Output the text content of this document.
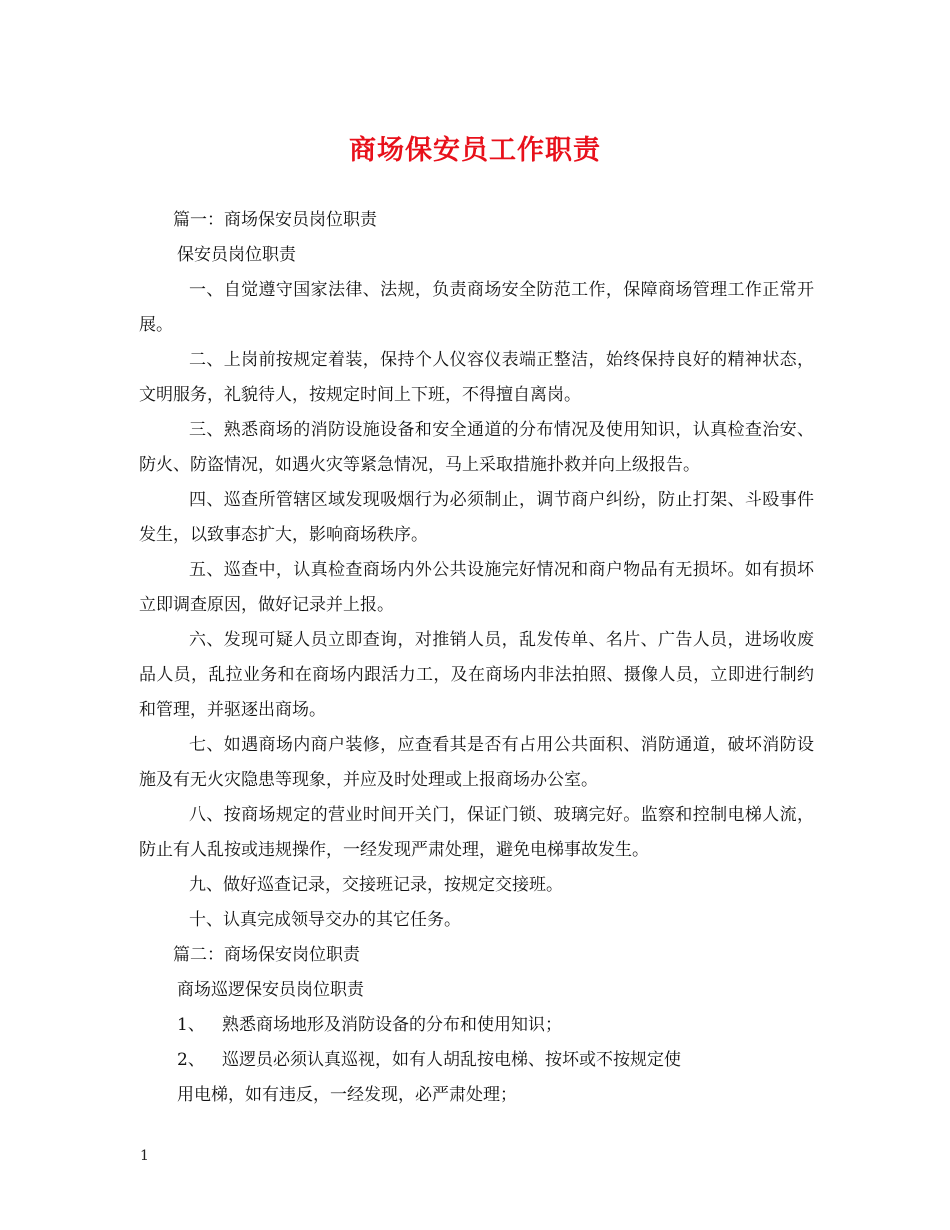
商场保安员工作职责

篇一：商场保安员岗位职责

保安员岗位职责

一、自觉遵守国家法律、法规，负责商场安全防范工作，保障商场管理工作正常开展。

二、上岗前按规定着装，保持个人仪容仪表端正整洁，始终保持良好的精神状态，文明服务，礼貌待人，按规定时间上下班，不得擅自离岗。

三、熟悉商场的消防设施设备和安全通道的分布情况及使用知识，认真检查治安、防火、防盗情况，如遇火灾等紧急情况，马上采取措施扑救并向上级报告。

四、巡查所管辖区域发现吸烟行为必须制止，调节商户纠纷，防止打架、斗殴事件发生，以致事态扩大，影响商场秩序。

五、巡查中，认真检查商场内外公共设施完好情况和商户物品有无损坏。如有损坏立即调查原因，做好记录并上报。

六、发现可疑人员立即查询，对推销人员，乱发传单、名片、广告人员，进场收废品人员，乱拉业务和在商场内跟活力工，及在商场内非法拍照、摄像人员，立即进行制约和管理，并驱逐出商场。

七、如遇商场内商户装修，应查看其是否有占用公共面积、消防通道，破坏消防设施及有无火灾隐患等现象，并应及时处理或上报商场办公室。

八、按商场规定的营业时间开关门，保证门锁、玻璃完好。监察和控制电梯人流，防止有人乱按或违规操作，一经发现严肃处理，避免电梯事故发生。

九、做好巡查记录，交接班记录，按规定交接班。

十、认真完成领导交办的其它任务。

篇二：商场保安岗位职责

商场巡逻保安员岗位职责

1、 熟悉商场地形及消防设备的分布和使用知识；

2、 巡逻员必须认真巡视，如有人胡乱按电梯、按坏或不按规定使

用电梯，如有违反，一经发现，必严肃处理；

1
